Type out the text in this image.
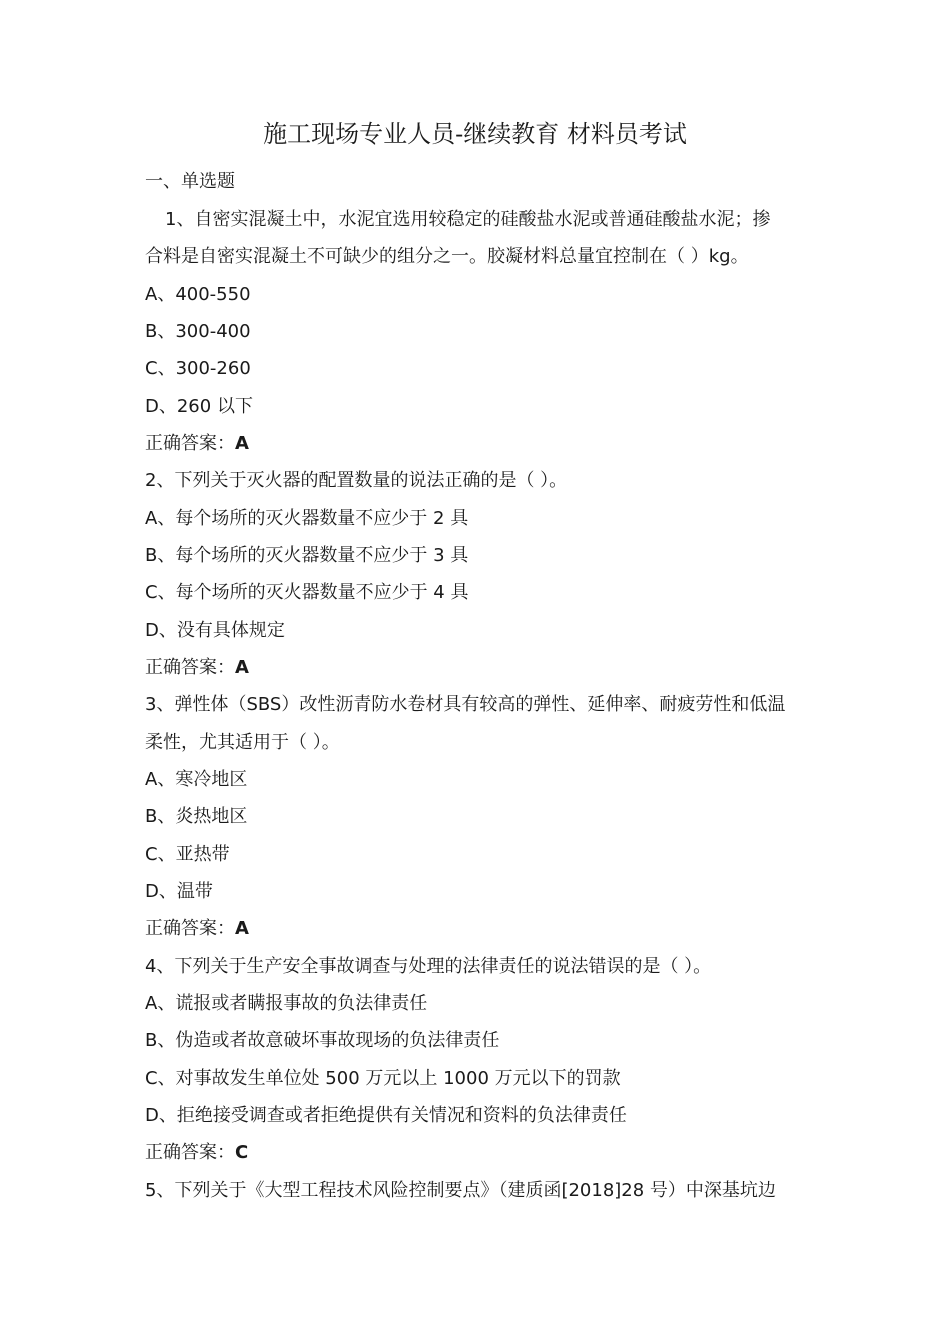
施工现场专业人员-继续教育 材料员考试
一、单选题
1、自密实混凝土中，水泥宜选用较稳定的硅酸盐水泥或普通硅酸盐水泥；掺
合料是自密实混凝土不可缺少的组分之一。胶凝材料总量宜控制在（ ）kg。
A、400-550
B、300-400
C、300-260
D、260 以下
正确答案：A
2、下列关于灭火器的配置数量的说法正确的是（ ）。
A、每个场所的灭火器数量不应少于 2 具
B、每个场所的灭火器数量不应少于 3 具
C、每个场所的灭火器数量不应少于 4 具
D、没有具体规定
正确答案：A
3、弹性体（SBS）改性沥青防水卷材具有较高的弹性、延伸率、耐疲劳性和低温
柔性，尤其适用于（ ）。
A、寒冷地区
B、炎热地区
C、亚热带
D、温带
正确答案：A
4、下列关于生产安全事故调查与处理的法律责任的说法错误的是（ ）。
A、谎报或者瞒报事故的负法律责任
B、伪造或者故意破坏事故现场的负法律责任
C、对事故发生单位处 500 万元以上 1000 万元以下的罚款
D、拒绝接受调查或者拒绝提供有关情况和资料的负法律责任
正确答案：C
5、下列关于《大型工程技术风险控制要点》（建质函[2018]28 号）中深基坑边
